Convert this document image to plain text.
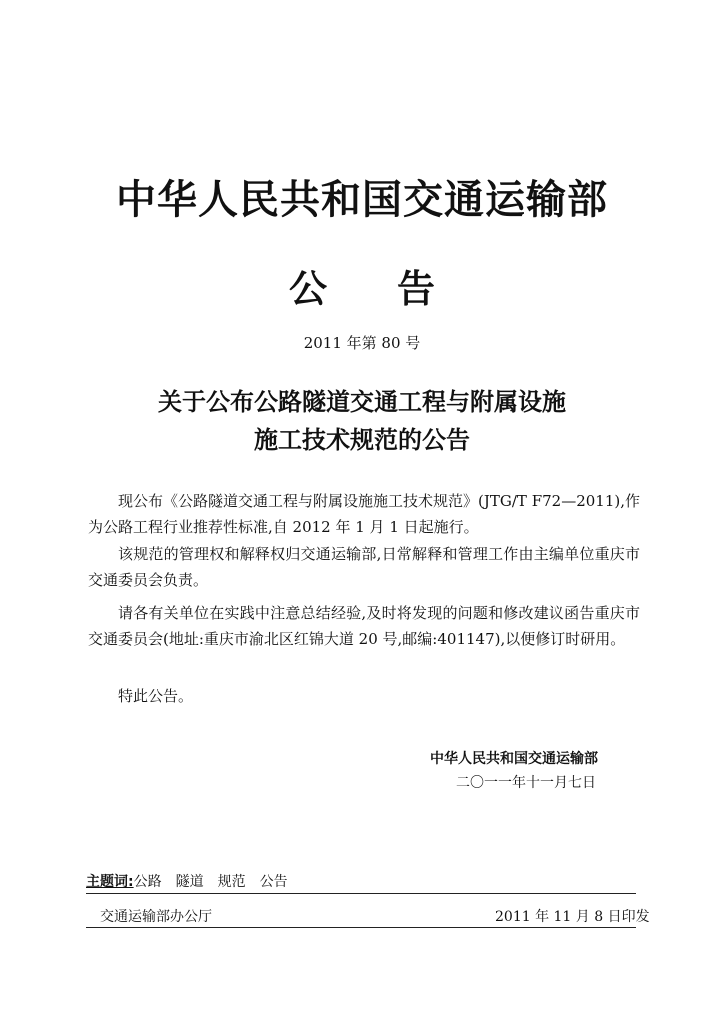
中华人民共和国交通运输部
公 告
2011 年第 80 号
关于公布公路隧道交通工程与附属设施
施工技术规范的公告
现公布《公路隧道交通工程与附属设施施工技术规范》(JTG/T F72—2011),作为公路工程行业推荐性标准,自 2012 年 1 月 1 日起施行。
该规范的管理权和解释权归交通运输部,日常解释和管理工作由主编单位重庆市交通委员会负责。
请各有关单位在实践中注意总结经验,及时将发现的问题和修改建议函告重庆市交通委员会(地址:重庆市渝北区红锦大道 20 号,邮编:401147),以便修订时研用。
特此公告。
中华人民共和国交通运输部
二〇一一年十一月七日
主题词:公路 隧道 规范 公告
交通运输部办公厅	2011 年 11 月 8 日印发
